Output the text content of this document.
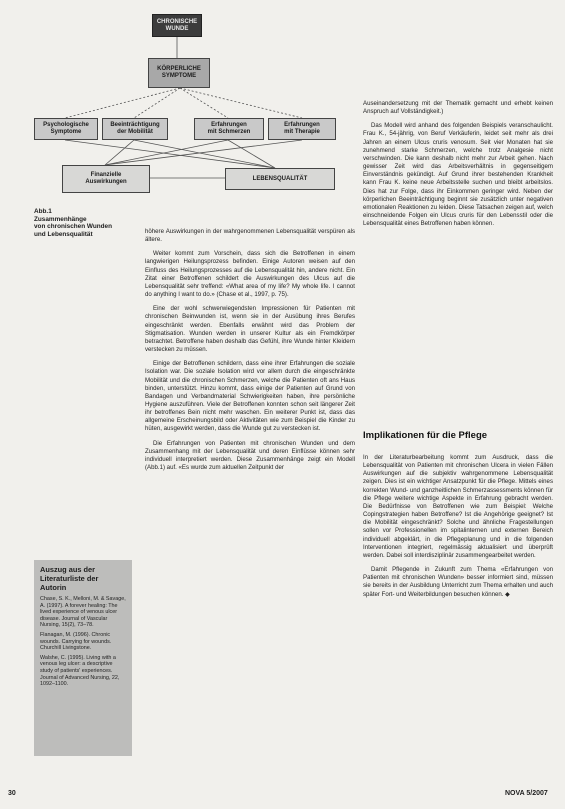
CHRONISCHE
WUNDE
KÖRPERLICHE
SYMPTOME
Psychologische
Symptome
Beeinträchtigung
der Mobilität
Erfahrungen
mit Schmerzen
Erfahrungen
mit Therapie
Finanzielle
Auswirkungen
LEBENSQUALITÄT
Abb.1
Zusammenhänge
von chronischen Wunden
und Lebensqualität	höhere Auswirkungen in der wahrgenommenen Lebensqualität verspüren als ältere.

Weiter kommt zum Vorschein, dass sich die Betroffenen in einem langwierigen Heilungsprozess befinden. Einige Autoren weisen auf den Einfluss des Heilungsprozesses auf die Lebensqualität hin, andere nicht. Ein Zitat einer Betroffenen schildert die Auswirkungen des Ulcus auf die Lebensqualität sehr treffend: «What area of my life? My whole life. I cannot do anything I want to do.» (Chase et al., 1997, p. 75).

Eine der wohl schwerwiegendsten Impressionen für Patienten mit chronischen Beinwunden ist, wenn sie in der Ausübung ihres Berufes eingeschränkt werden. Ebenfalls erwähnt wird das Problem der Stigmatisation. Wunden werden in unserer Kultur als ein Fremdkörper betrachtet. Betroffene haben deshalb das Gefühl, ihre Wunde hinter Kleidern verstecken zu müssen.

Einige der Betroffenen schildern, dass eine ihrer Erfahrungen die soziale Isolation war. Die soziale Isolation wird vor allem durch die eingeschränkte Mobilität und die chronischen Schmerzen, welche die Patienten oft ans Haus binden, unterstützt. Hinzu kommt, dass einige der Patienten auf Grund von Bandagen und Verbandmaterial Schwierigkeiten haben, ihre persönliche Hygiene auszuführen. Viele der Betroffenen konnten schon seit längerer Zeit ihr betroffenes Bein nicht mehr waschen. Ein weiterer Punkt ist, dass das allgemeine Erscheinungsbild oder Aktivitäten wie zum Beispiel die Kinder zu hüten, ausgewirkt werden, dass die Wunde gut zu verstecken ist.

Die Erfahrungen von Patienten mit chronischen Wunden und dem Zusammenhang mit der Lebensqualität und deren Einflüsse können sehr individuell interpretiert werden. Diese Zusammenhänge zeigt ein Modell (Abb.1) auf. «Es wurde zum aktuellen Zeitpunkt der

Auseinandersetzung mit der Thematik gemacht und erhebt keinen Anspruch auf Vollständigkeit.)

Das Modell wird anhand des folgenden Beispiels veranschaulicht. Frau K., 54-jährig, von Beruf Verkäuferin, leidet seit mehr als drei Jahren an einem Ulcus cruris venosum. Seit vier Monaten hat sie zunehmend starke Schmerzen, welche trotz Analgesie nicht verschwinden. Die kann deshalb nicht mehr zur Arbeit gehen. Nach gewisser Zeit wird das Arbeitsverhältnis in gegenseitigem Einverständnis gekündigt. Auf Grund ihrer bestehenden Krankheit kann Frau K. keine neue Arbeitsstelle suchen und bleibt arbeitslos. Dies hat zur Folge, dass ihr Einkommen geringer wird. Neben der körperlichen Beeinträchtigung beginnt sie zusätzlich unter negativen emotionalen Reaktionen zu leiden. Diese Tatsachen zeigen auf, welch einschneidende Folgen ein Ulcus cruris für den Lebensstil oder die Lebensqualität eines Betroffenen haben können.

Implikationen für die Pflege

In der Literaturbearbeitung kommt zum Ausdruck, dass die Lebensqualität von Patienten mit chronischen Ulcera in vielen Fällen Auswirkungen auf die subjektiv wahrgenommene Lebensqualität zeigen. Dies ist ein wichtiger Ansatzpunkt für die Pflege. Mittels eines korrekten Wund- und ganzheitlichen Schmerzassessments können für die Pflege weitere wichtige Aspekte in Erfahrung gebracht werden. Die Bedürfnisse von Betroffenen wie zum Beispiel: Welche Copingstrategien haben Betroffene? Ist die Angehörige geeignet? Ist die Mobilität eingeschränkt? Solche und ähnliche Fragestellungen sollen vor Professionellen im spitalinternen und externen Bereich individuell abgeklärt, in die Pflegeplanung und in die folgenden Interventionen integriert, regelmässig aktualisiert und überprüft werden. Dabei soll interdisziplinär zusammengearbeitet werden.

Damit Pflegende in Zukunft zum Thema «Erfahrungen von Patienten mit chronischen Wunden» besser informiert sind, müssen sie bereits in der Ausbildung Unterricht zum Thema erhalten und auch später Fort- und Weiterbildungen besuchen können. ◆

Auszug aus der Literaturliste der Autorin

Chase, S. K., Melloni, M. & Savage, A. (1997). A forever healing: The lived experience of venous ulcer disease. Journal of Vascular Nursing, 15(2), 73–78.

Flanagan, M. (1996). Chronic wounds. Carrying for wounds. Churchill Livingstone.

Walshe, C. (1995). Living with a venous leg ulcer: a descriptive study of patients' experiences. Journal of Advanced Nursing, 22, 1092–1100.

30	NOVA 5/2007
